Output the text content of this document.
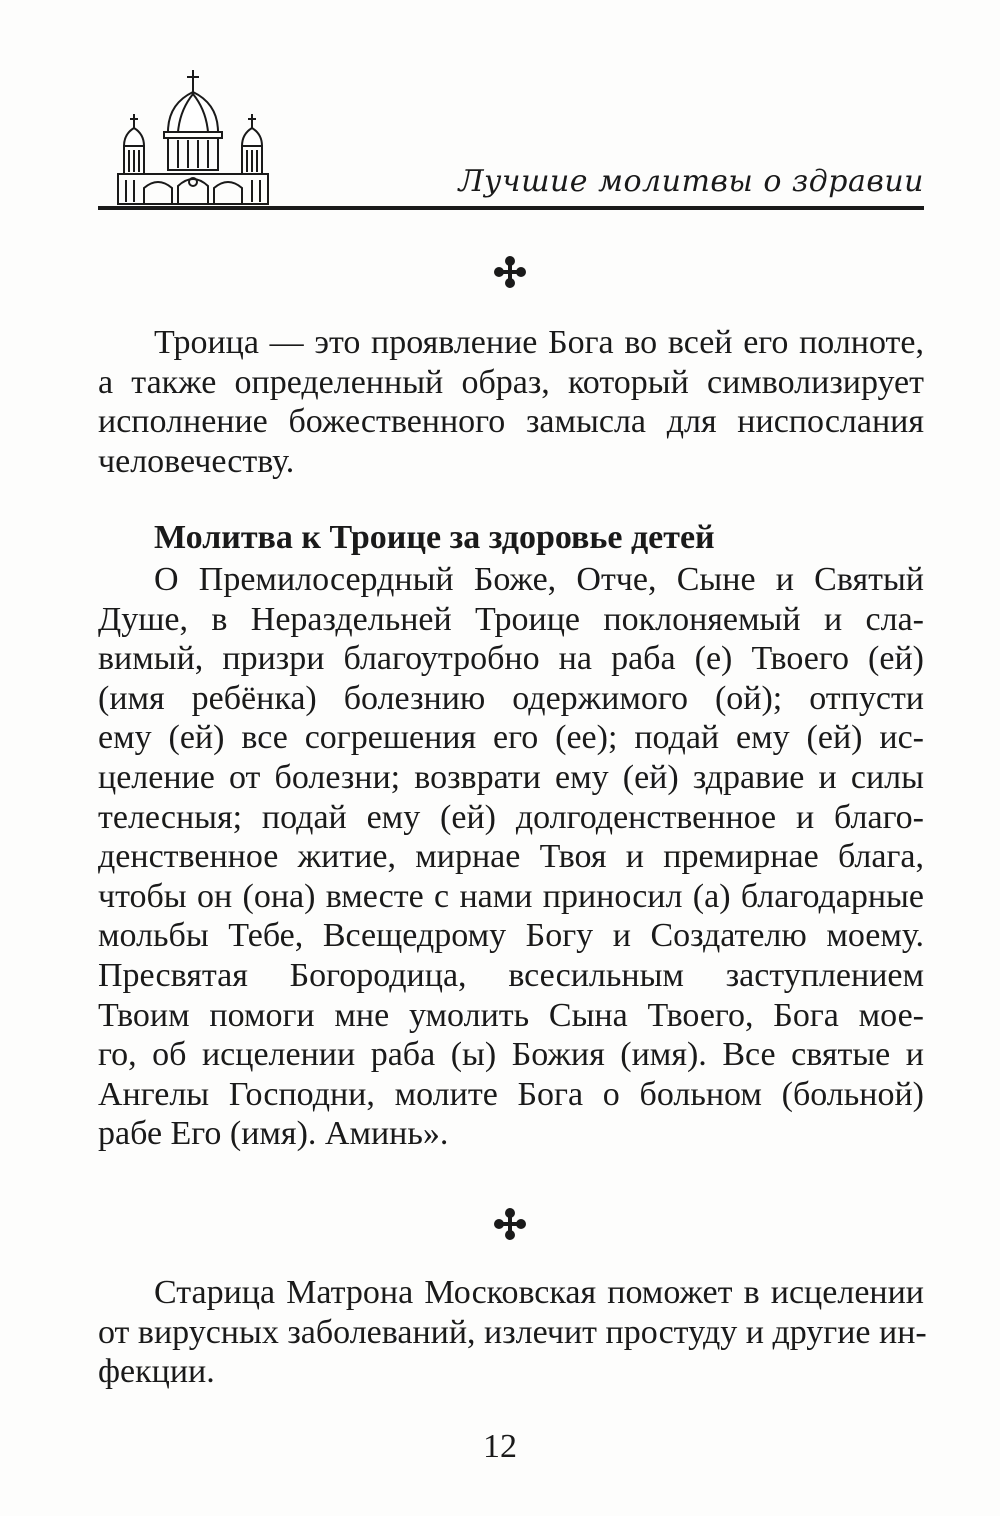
Лучшие молитвы о здравии

Троица — это проявление Бога во всей его полноте,
а также определенный образ, который символизирует
исполнение божественного замысла для ниспослания
человечеству.

Молитва к Троице за здоровье детей

О Премилосердный Боже, Отче, Сыне и Святый
Душе, в Нераздельней Троице поклоняемый и сла-
вимый, призри благоутробно на раба (е) Твоего (ей)
(имя ребёнка) болезнию одержимого (ой); отпусти
ему (ей) все согрешения его (ее); подай ему (ей) ис-
целение от болезни; возврати ему (ей) здравие и силы
телесныя; подай ему (ей) долгоденственное и благо-
денственное житие, мирнае Твоя и премирнае блага,
чтобы он (она) вместе с нами приносил (а) благодарные
мольбы Тебе, Всещедрому Богу и Создателю моему.
Пресвятая Богородица, всесильным заступлением
Твоим помоги мне умолить Сына Твоего, Бога мое-
го, об исцелении раба (ы) Божия (имя). Все святые и
Ангелы Господни, молите Бога о больном (больной)
рабе Его (имя). Аминь».

Старица Матрона Московская поможет в исцелении
от вирусных заболеваний, излечит простуду и другие ин-
фекции.

12
